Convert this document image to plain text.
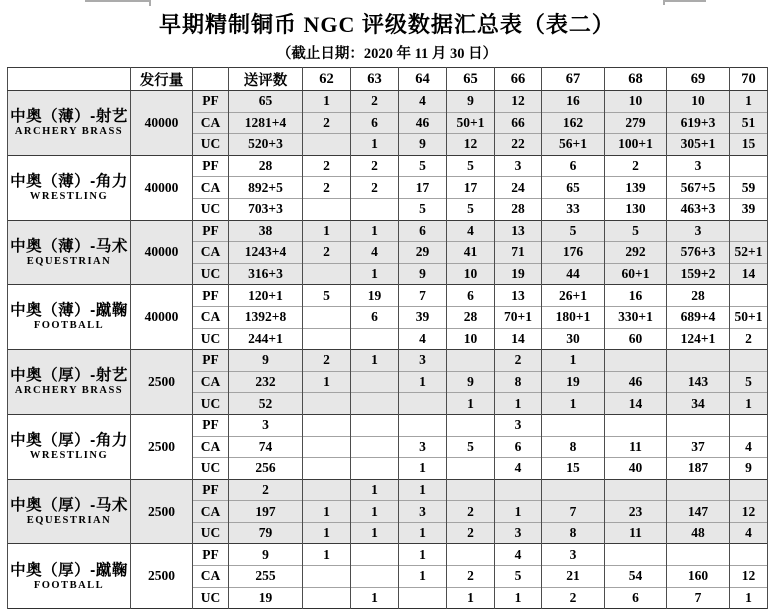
早期精制铜币 NGC 评级数据汇总表（表二）
（截止日期：2020 年 11 月 30 日）
	发行量		送评数	62	63	64	65	66	67	68	69	70

中奥（薄）-射艺
ARCHERY BRASS	40000	PF	65	1	2	4	9	12	16	10	10	1
		CA	1281+4	2	6	46	50+1	66	162	279	619+3	51
		UC	520+3		1	9	12	22	56+1	100+1	305+1	15

中奥（薄）-角力
WRESTLING	40000	PF	28	2	2	5	5	3	6	2	3	
		CA	892+5	2	2	17	17	24	65	139	567+5	59
		UC	703+3			5	5	28	33	130	463+3	39

中奥（薄）-马术
EQUESTRIAN	40000	PF	38	1	1	6	4	13	5	5	3	
		CA	1243+4	2	4	29	41	71	176	292	576+3	52+1
		UC	316+3		1	9	10	19	44	60+1	159+2	14

中奥（薄）-蹴鞠
FOOTBALL	40000	PF	120+1	5	19	7	6	13	26+1	16	28	
		CA	1392+8		6	39	28	70+1	180+1	330+1	689+4	50+1
		UC	244+1			4	10	14	30	60	124+1	2

中奥（厚）-射艺
ARCHERY BRASS	2500	PF	9	2	1	3		2	1			
		CA	232	1		1	9	8	19	46	143	5
		UC	52				1	1	1	14	34	1

中奥（厚）-角力
WRESTLING	2500	PF	3					3				
		CA	74			3	5	6	8	11	37	4
		UC	256			1		4	15	40	187	9

中奥（厚）-马术
EQUESTRIAN	2500	PF	2		1	1						
		CA	197	1	1	3	2	1	7	23	147	12
		UC	79	1	1	1	2	3	8	11	48	4

中奥（厚）-蹴鞠
FOOTBALL	2500	PF	9	1		1		4	3			
		CA	255			1	2	5	21	54	160	12
		UC	19		1		1	1	2	6	7	1
